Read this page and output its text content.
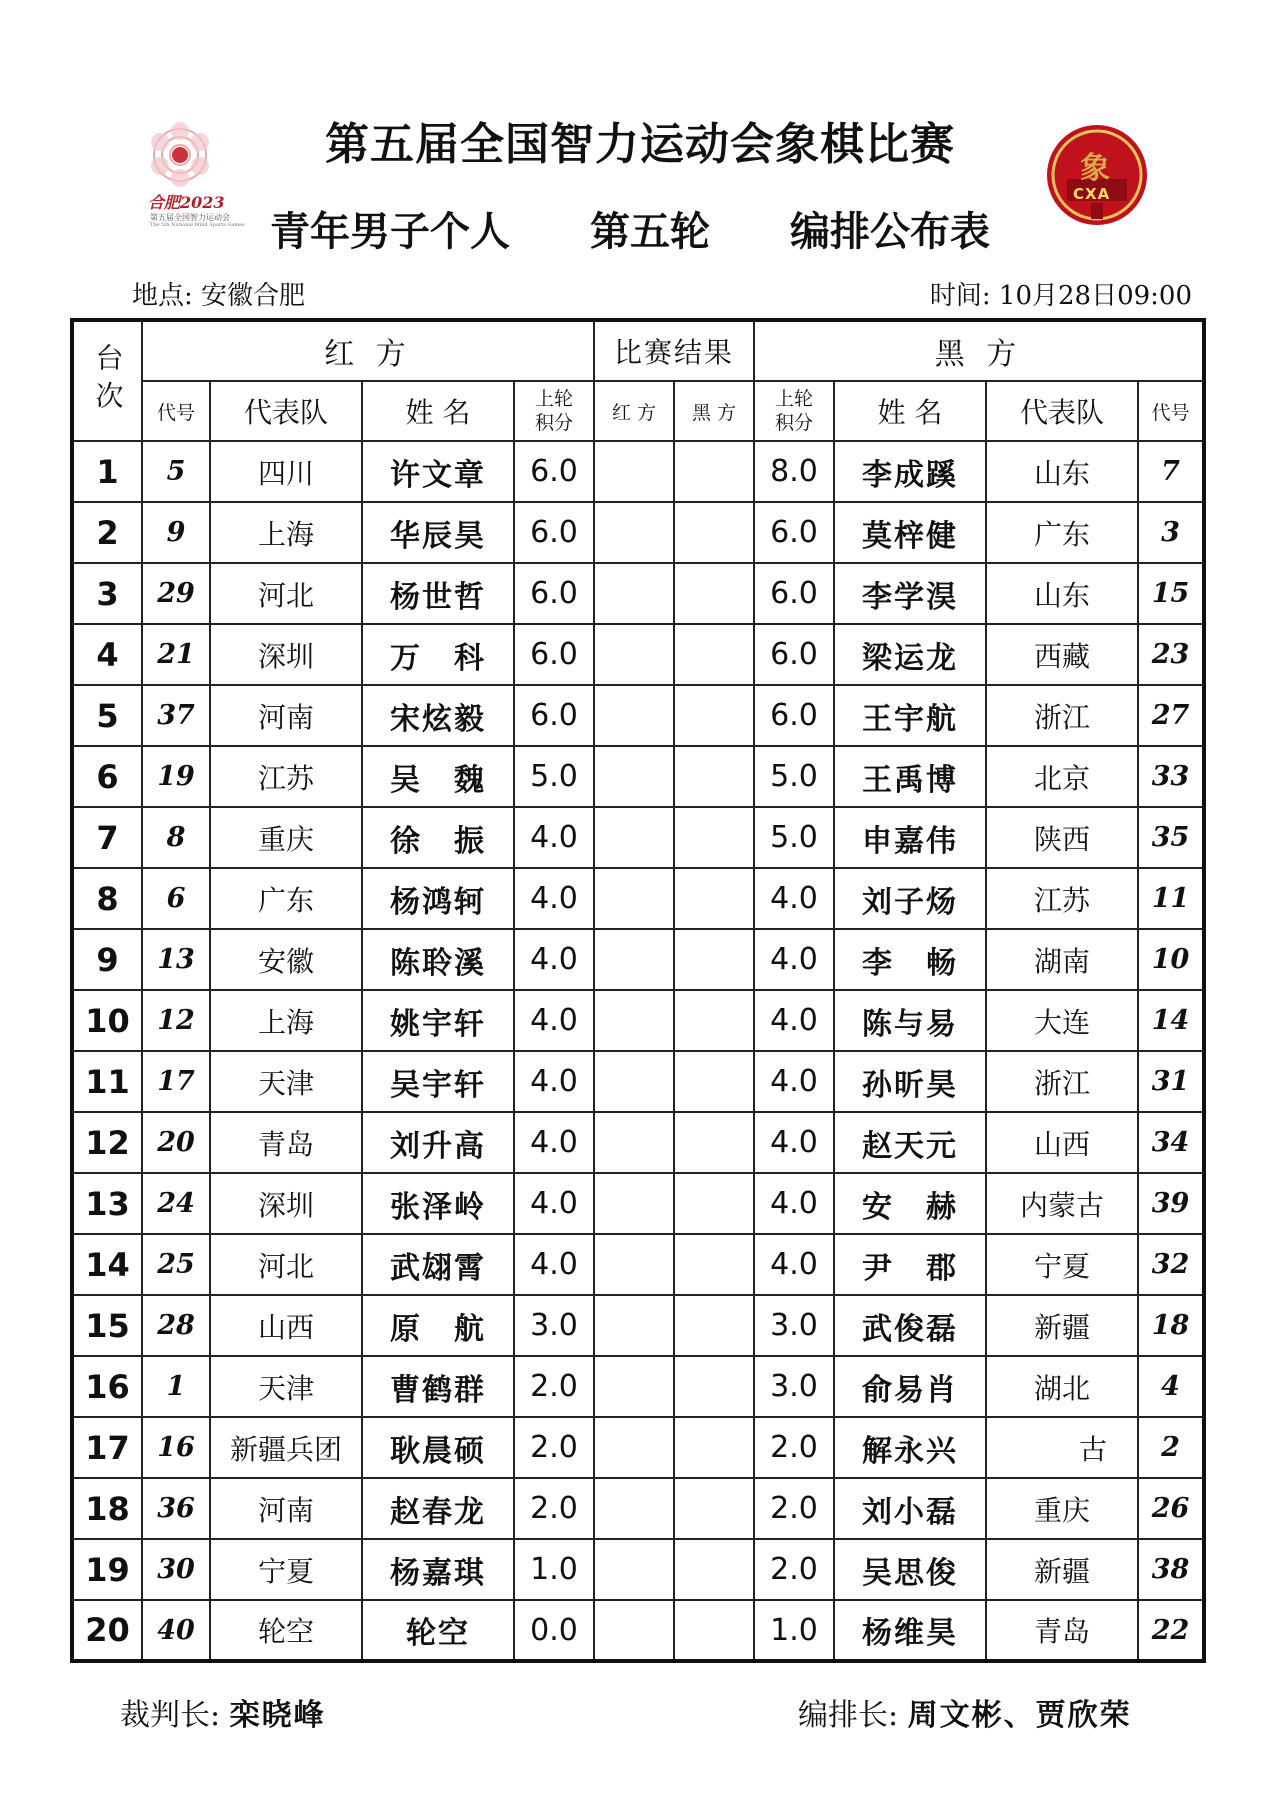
第五届全国智力运动会象棋比赛
合肥2023
第五届全国智力运动会
The 5th National Mind Sports Games
象
CXA
青年男子个人 第五轮 编排公布表
地点: 安徽合肥	时间: 10月28日09:00
台次	红 方				比赛结果		黑 方			
	代号	代表队	姓 名	上轮积分	红 方	黑 方	上轮积分	姓 名	代表队	代号
1	5	四川	许文章	6.0			8.0	李成蹊	山东	7
2	9	上海	华辰昊	6.0			6.0	莫梓健	广东	3
3	29	河北	杨世哲	6.0			6.0	李学淏	山东	15
4	21	深圳	万　科	6.0			6.0	梁运龙	西藏	23
5	37	河南	宋炫毅	6.0			6.0	王宇航	浙江	27
6	19	江苏	吴　魏	5.0			5.0	王禹博	北京	33
7	8	重庆	徐　振	4.0			5.0	申嘉伟	陕西	35
8	6	广东	杨鸿轲	4.0			4.0	刘子炀	江苏	11
9	13	安徽	陈聆溪	4.0			4.0	李　畅	湖南	10
10	12	上海	姚宇轩	4.0			4.0	陈与易	大连	14
11	17	天津	吴宇轩	4.0			4.0	孙昕昊	浙江	31
12	20	青岛	刘升高	4.0			4.0	赵天元	山西	34
13	24	深圳	张泽岭	4.0			4.0	安　赫	内蒙古	39
14	25	河北	武翃霄	4.0			4.0	尹　郡	宁夏	32
15	28	山西	原　航	3.0			3.0	武俊磊	新疆	18
16	1	天津	曹鹤群	2.0			3.0	俞易肖	湖北	4
17	16	新疆兵团	耿晨硕	2.0			2.0	解永兴	古	2
18	36	河南	赵春龙	2.0			2.0	刘小磊	重庆	26
19	30	宁夏	杨嘉琪	1.0			2.0	吴思俊	新疆	38
20	40	轮空	轮空	0.0			1.0	杨维昊	青岛	22
裁判长: 栾晓峰	编排长: 周文彬、贾欣荣
